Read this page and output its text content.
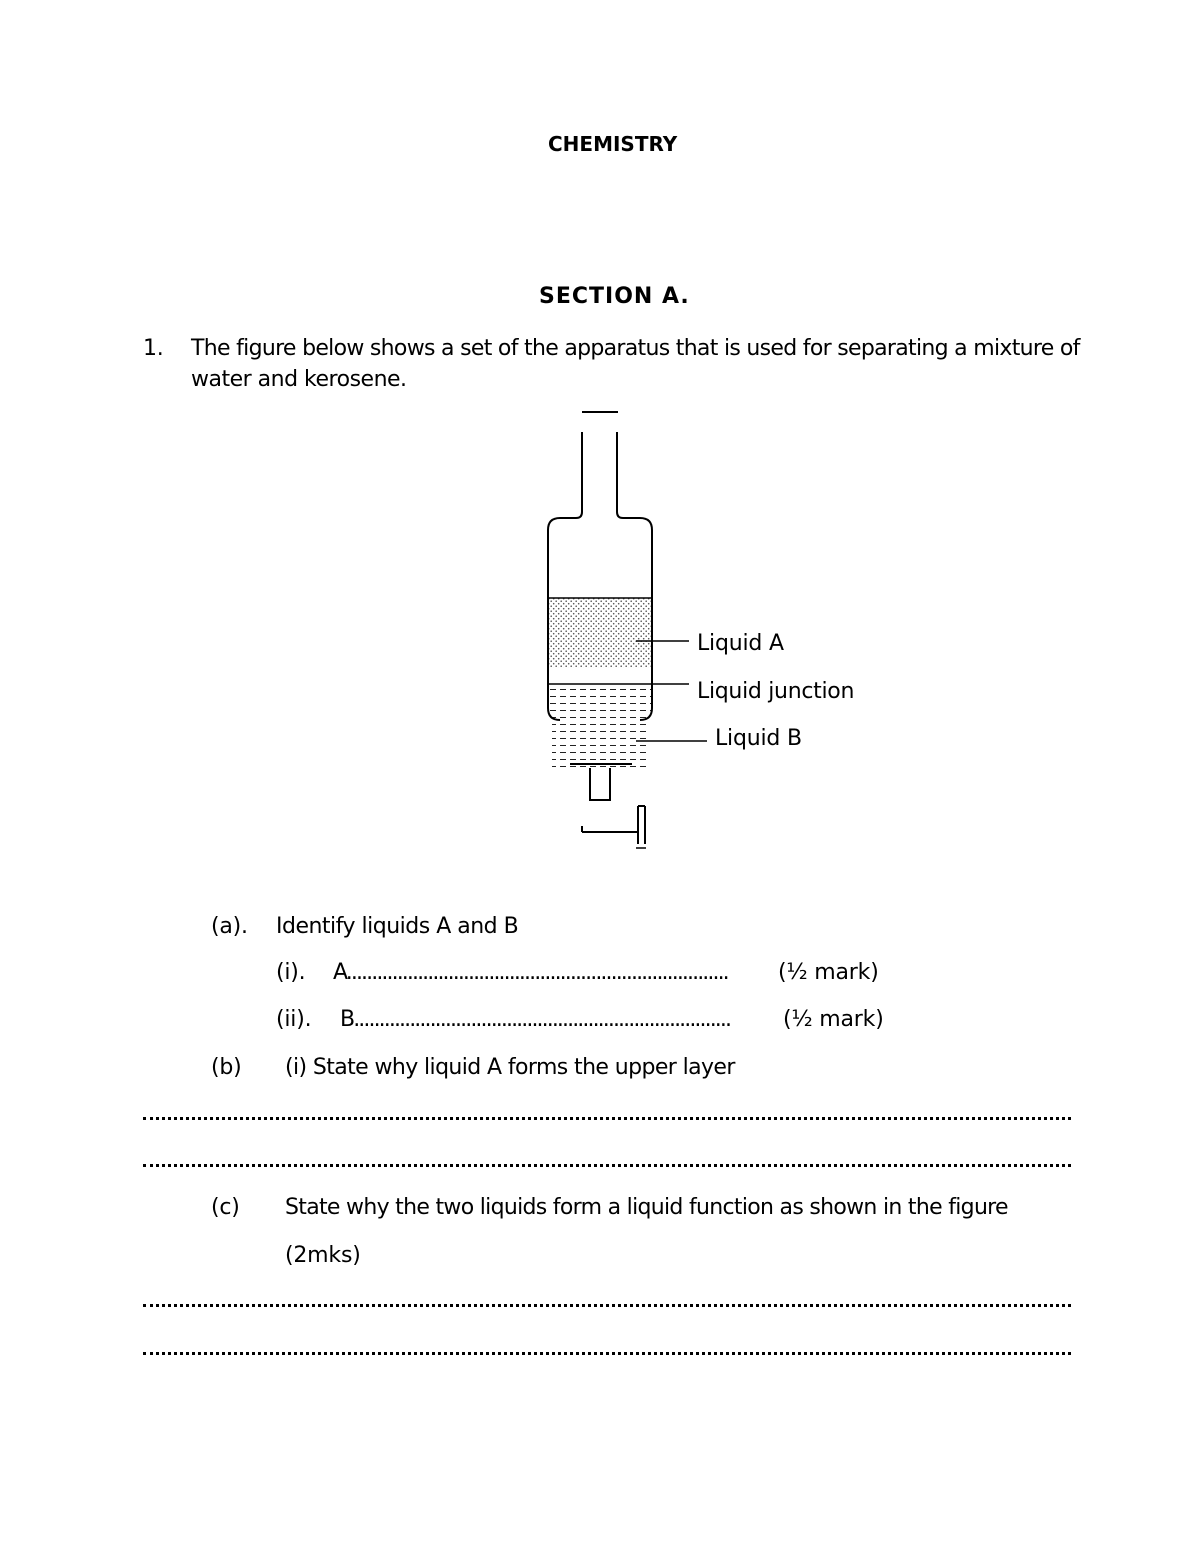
CHEMISTRY
SECTION A.
1. The figure below shows a set of the apparatus that is used for separating a mixture of
water and kerosene.
Liquid A
Liquid junction
Liquid B
(a). Identify liquids A and B
(i). A........................................................................... (½ mark)
(ii). B.......................................................................... (½ mark)
(b) (i) State why liquid A forms the upper layer
(c) State why the two liquids form a liquid function as shown in the figure
(2mks)
